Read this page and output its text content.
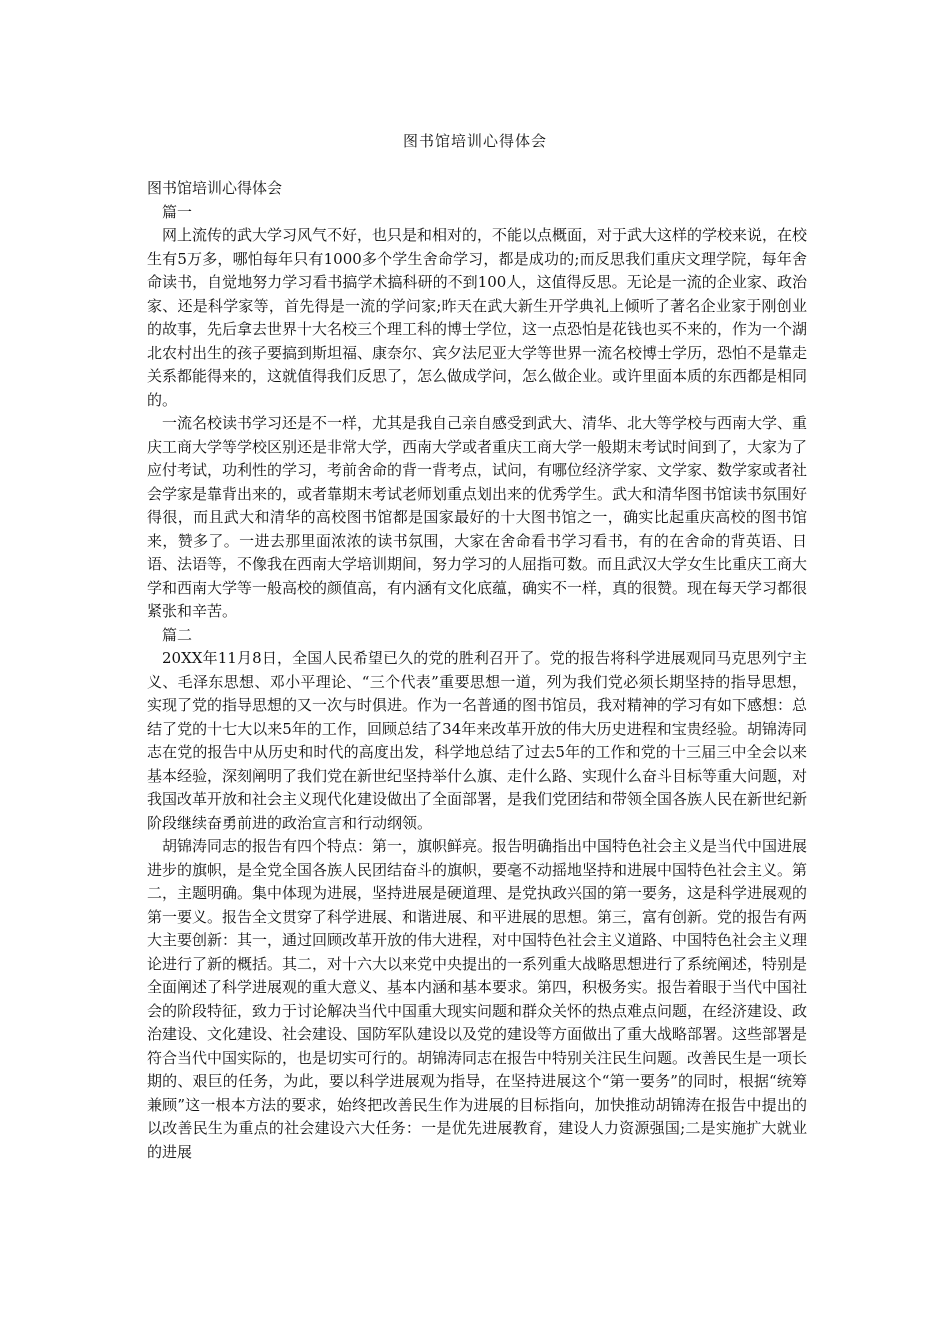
图书馆培训心得体会

图书馆培训心得体会

篇一

网上流传的武大学习风气不好，也只是和相对的，不能以点概面，对于武大这样的学校来说，在校生有5万多，哪怕每年只有1000多个学生舍命学习，都是成功的;而反思我们重庆文理学院，每年舍命读书，自觉地努力学习看书搞学术搞科研的不到100人，这值得反思。无论是一流的企业家、政治家、还是科学家等，首先得是一流的学问家;昨天在武大新生开学典礼上倾听了著名企业家于刚创业的故事，先后拿去世界十大名校三个理工科的博士学位，这一点恐怕是花钱也买不来的，作为一个湖北农村出生的孩子要搞到斯坦福、康奈尔、宾夕法尼亚大学等世界一流名校博士学历，恐怕不是靠走关系都能得来的，这就值得我们反思了，怎么做成学问，怎么做企业。或许里面本质的东西都是相同的。

一流名校读书学习还是不一样，尤其是我自己亲自感受到武大、清华、北大等学校与西南大学、重庆工商大学等学校区别还是非常大学，西南大学或者重庆工商大学一般期末考试时间到了，大家为了应付考试，功利性的学习，考前舍命的背一背考点，试问，有哪位经济学家、文学家、数学家或者社会学家是靠背出来的，或者靠期末考试老师划重点划出来的优秀学生。武大和清华图书馆读书氛围好得很，而且武大和清华的高校图书馆都是国家最好的十大图书馆之一，确实比起重庆高校的图书馆来，赞多了。一进去那里面浓浓的读书氛围，大家在舍命看书学习看书，有的在舍命的背英语、日语、法语等，不像我在西南大学培训期间，努力学习的人屈指可数。而且武汉大学女生比重庆工商大学和西南大学等一般高校的颜值高，有内涵有文化底蕴，确实不一样，真的很赞。现在每天学习都很紧张和辛苦。

篇二

20XX年11月8日，全国人民希望已久的党的胜利召开了。党的报告将科学进展观同马克思列宁主义、毛泽东思想、邓小平理论、“三个代表”重要思想一道，列为我们党必须长期坚持的指导思想，实现了党的指导思想的又一次与时俱进。作为一名普通的图书馆员，我对精神的学习有如下感想：总结了党的十七大以来5年的工作，回顾总结了34年来改革开放的伟大历史进程和宝贵经验。胡锦涛同志在党的报告中从历史和时代的高度出发，科学地总结了过去5年的工作和党的十三届三中全会以来基本经验，深刻阐明了我们党在新世纪坚持举什么旗、走什么路、实现什么奋斗目标等重大问题，对我国改革开放和社会主义现代化建设做出了全面部署，是我们党团结和带领全国各族人民在新世纪新阶段继续奋勇前进的政治宣言和行动纲领。

胡锦涛同志的报告有四个特点：第一，旗帜鲜亮。报告明确指出中国特色社会主义是当代中国进展进步的旗帜，是全党全国各族人民团结奋斗的旗帜，要毫不动摇地坚持和进展中国特色社会主义。第二，主题明确。集中体现为进展，坚持进展是硬道理、是党执政兴国的第一要务，这是科学进展观的第一要义。报告全文贯穿了科学进展、和谐进展、和平进展的思想。第三，富有创新。党的报告有两大主要创新：其一，通过回顾改革开放的伟大进程，对中国特色社会主义道路、中国特色社会主义理论进行了新的概括。其二，对十六大以来党中央提出的一系列重大战略思想进行了系统阐述，特别是全面阐述了科学进展观的重大意义、基本内涵和基本要求。第四，积极务实。报告着眼于当代中国社会的阶段特征，致力于讨论解决当代中国重大现实问题和群众关怀的热点难点问题，在经济建设、政治建设、文化建设、社会建设、国防军队建设以及党的建设等方面做出了重大战略部署。这些部署是符合当代中国实际的，也是切实可行的。胡锦涛同志在报告中特别关注民生问题。改善民生是一项长期的、艰巨的任务，为此，要以科学进展观为指导，在坚持进展这个“第一要务”的同时，根据“统筹兼顾”这一根本方法的要求，始终把改善民生作为进展的目标指向，加快推动胡锦涛在报告中提出的以改善民生为重点的社会建设六大任务：一是优先进展教育，建设人力资源强国;二是实施扩大就业的进展
